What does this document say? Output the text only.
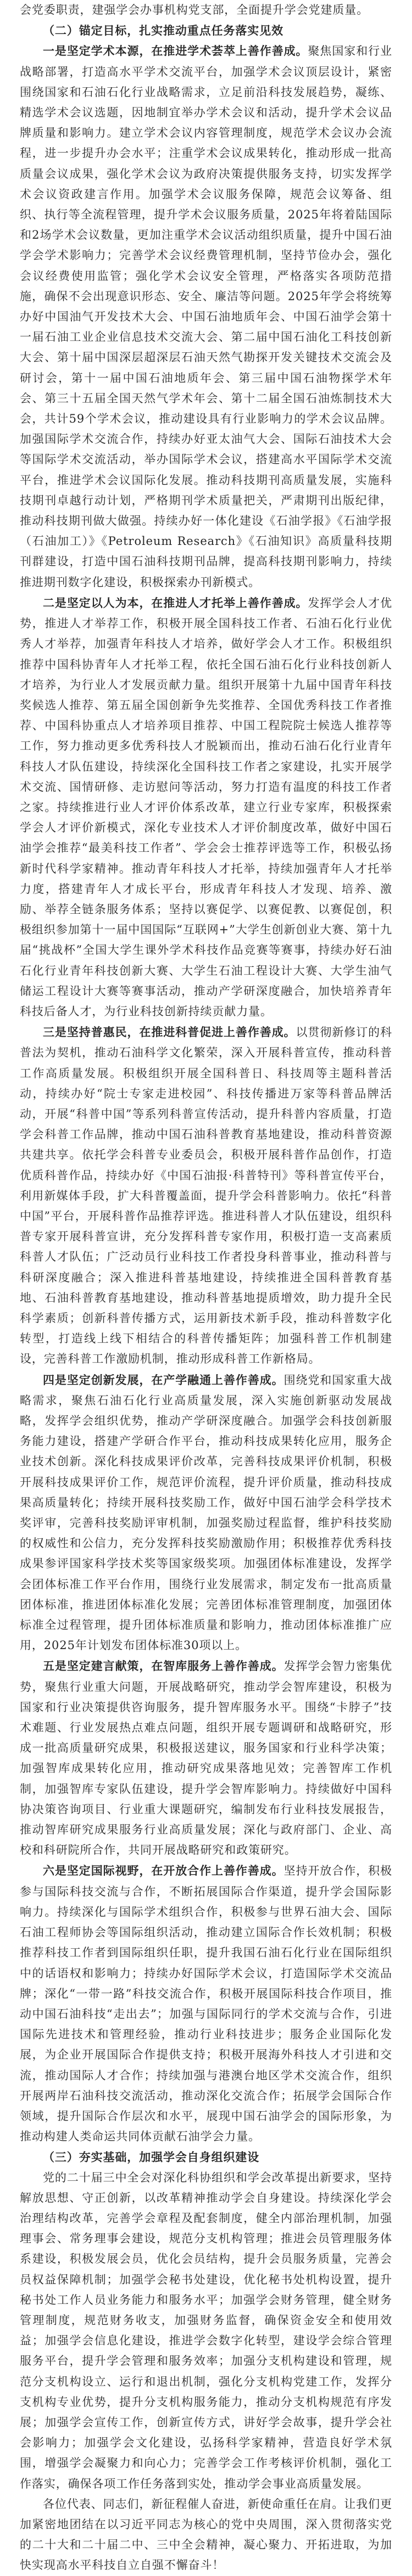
会党委职责，建强学会办事机构党支部，全面提升学会党建质量。

（二）锚定目标，扎实推动重点任务落实见效

一是坚定学术本源，在推进学术荟萃上善作善成。聚焦国家和行业战略部署，打造高水平学术交流平台，加强学术会议顶层设计，紧密围绕国家和石油石化行业战略需求，立足前沿科技发展趋势，凝练、精选学术会议选题，因地制宜举办学术会议和活动，提升学术会议品牌质量和影响力。建立学术会议内容管理制度，规范学术会议办会流程，进一步提升办会水平；注重学术会议成果转化，推动形成一批高质量会议成果，强化学术会议为政府决策提供服务支持，切实发挥学术会议资政建言作用。加强学术会议服务保障，规范会议筹备、组织、执行等全流程管理，提升学术会议服务质量，2025年将着陆国际和2场学术会议数量，更加注重学术会议活动组织质量，提升中国石油学会学术影响力；完善学术会议经费管理机制，坚持节俭办会，强化会议经费使用监管；强化学术会议安全管理，严格落实各项防范措施，确保不会出现意识形态、安全、廉洁等问题。2025年学会将统筹办好中国油气开发技术大会、中国石油地质年会、中国石油学会第十一届石油工业企业信息技术交流大会、第二届中国石油化工科技创新大会、第十届中国深层超深层石油天然气勘探开发关键技术交流会及研讨会，第十一届中国石油地质年会、第三届中国石油物探学术年会、第三十五届全国天然气学术年会、第十二届全国石油炼制技术大会，共计59个学术会议，推动建设具有行业影响力的学术会议品牌。加强国际学术交流合作，持续办好亚太油气大会、国际石油技术大会等国际学术交流活动，举办国际学术会议，搭建高水平国际学术交流平台，推进学术会议国际化发展。推动科技期刊高质量发展，实施科技期刊卓越行动计划，严格期刊学术质量把关，严肃期刊出版纪律，推动科技期刊做大做强。持续办好一体化建设《石油学报》《石油学报（石油加工）》《Petroleum Research》《石油知识》高质量科技期刊群建设，打造中国石油科技期刊品牌，提高科技期刊影响力，持续推进期刊数字化建设，积极探索办刊新模式。

二是坚定以人为本，在推进人才托举上善作善成。发挥学会人才优势，推进人才举荐工作，积极开展全国科技工作者、石油石化行业优秀人才举荐，加强青年科技人才培养，做好学会人才工作。积极组织推荐中国科协青年人才托举工程，依托全国石油石化行业科技创新人才培养，为行业人才发展贡献力量。组织开展第十九届中国青年科技奖候选人推荐、第五届全国创新争先奖推荐、全国优秀科技工作者推荐、中国科协重点人才培养项目推荐、中国工程院院士候选人推荐等工作，努力推动更多优秀科技人才脱颖而出，推动石油石化行业青年科技人才队伍建设，持续深化全国科技工作者之家建设，扎实开展学术交流、国情研修、走访慰问等活动，努力打造有温度的科技工作者之家。持续推进行业人才评价体系改革，建立行业专家库，积极探索学会人才评价新模式，深化专业技术人才评价制度改革，做好中国石油学会推荐“最美科技工作者”、学会会士推荐评选等工作，积极弘扬新时代科学家精神。推动青年科技人才托举，持续加强青年人才托举力度，搭建青年人才成长平台，形成青年科技人才发现、培养、激励、举荐全链条服务体系；坚持以赛促学、以赛促教、以赛促创，积极组织参加第十一届中国国际“互联网+”大学生创新创业大赛、第十九届“挑战杯”全国大学生课外学术科技作品竞赛等赛事，持续办好石油石化行业青年科技创新大赛、大学生石油工程设计大赛、大学生油气储运工程设计大赛等赛事活动，推动产学研深度融合，加快培养青年科技后备人才，为行业科技创新持续贡献力量。

三是坚持普惠民，在推进科普促进上善作善成。以贯彻新修订的科普法为契机，推动石油科学文化繁荣，深入开展科普宣传，推动科普工作高质量发展。积极组织开展全国科普日、科技周等主题科普活动，持续办好“院士专家走进校园”、科技传播进万家等科普品牌活动，开展“科普中国”等系列科普宣传活动，提升科普内容质量，打造学会科普工作品牌，推动中国石油科普教育基地建设，推动科普资源共建共享。依托学会科普专业委员会，积极开展科普作品创作，打造优质科普作品，持续办好《中国石油报·科普特刊》等科普宣传平台，利用新媒体手段，扩大科普覆盖面，提升学会科普影响力。依托“科普中国”平台，开展科普作品推荐评选。推进科普人才队伍建设，组织科普专家开展科普宣讲，充分发挥科普专家作用，积极打造一支高素质科普人才队伍；广泛动员行业科技工作者投身科普事业，推动科普与科研深度融合；深入推进科普基地建设，持续推进全国科普教育基地、石油科普教育基地建设，推动科普基地提质增效，助力提升全民科学素质；创新科普传播方式，运用新技术新手段，推动科普数字化转型，打造线上线下相结合的科普传播矩阵；加强科普工作机制建设，完善科普工作激励机制，推动形成科普工作新格局。

四是坚定创新发展，在产学融通上善作善成。围绕党和国家重大战略需求，聚焦石油石化行业高质量发展，深入实施创新驱动发展战略，发挥学会组织优势，推动产学研深度融合。加强学会科技创新服务能力建设，搭建产学研合作平台，推动科技成果转化应用，服务企业技术创新。深化科技成果评价改革，完善科技成果评价机制，积极开展科技成果评价工作，规范评价流程，提升评价质量，推动科技成果高质量转化；持续开展科技奖励工作，做好中国石油学会科学技术奖评审，完善科技奖励评审机制，加强奖励过程监督，维护科技奖励的权威性和公信力，充分发挥科技奖励激励作用；积极推荐优秀科技成果参评国家科学技术奖等国家级奖项。加强团体标准建设，发挥学会团体标准工作平台作用，围绕行业发展需求，制定发布一批高质量团体标准，推进团体标准化发展；完善团体标准管理制度，加强团体标准全过程管理，提升团体标准质量和影响力，推动团体标准推广应用，2025年计划发布团体标准30项以上。

五是坚定建言献策，在智库服务上善作善成。发挥学会智力密集优势，聚焦行业重大问题，开展战略研究，推动学会智库建设，积极为国家和行业决策提供咨询服务，提升智库服务水平。围绕“卡脖子”技术难题、行业发展热点难点问题，组织开展专题调研和战略研究，形成一批高质量研究成果，积极报送建议，服务国家和行业科学决策；加强智库成果转化应用，推动研究成果落地见效；完善智库工作机制，加强智库专家队伍建设，提升学会智库影响力。持续做好中国科协决策咨询项目、行业重大课题研究，编制发布行业科技发展报告，推动智库研究成果服务行业高质量发展；深化与政府部门、企业、高校和科研院所合作，共同开展战略研究和政策研究。

六是坚定国际视野，在开放合作上善作善成。坚持开放合作，积极参与国际科技交流与合作，不断拓展国际合作渠道，提升学会国际影响力。持续深化与国际学术组织合作，积极参与世界石油大会、国际石油工程师协会等国际组织活动，推动建立国际合作长效机制；积极推荐科技工作者到国际组织任职，提升我国石油石化行业在国际组织中的话语权和影响力；持续办好国际学术会议，打造国际学术交流品牌；深化“一带一路”科技交流合作，积极开展国际科技合作项目，推动中国石油科技“走出去”；加强与国际同行的学术交流与合作，引进国际先进技术和管理经验，推动行业科技进步；服务企业国际化发展，为企业开展国际合作提供支持；积极开展海外科技人才引进和交流，推动国际人才合作；持续加强与港澳台地区学术交流合作，组织开展两岸石油科技交流活动，推动深化交流合作；拓展学会国际合作领域，提升国际合作层次和水平，展现中国石油学会的国际形象，为推动构建人类命运共同体贡献石油学会力量。

（三）夯实基础，加强学会自身组织建设

党的二十届三中全会对深化科协组织和学会改革提出新要求，坚持解放思想、守正创新，以改革精神推动学会自身建设。持续深化学会治理结构改革，完善学会章程及配套制度，健全内部治理机制，加强理事会、常务理事会建设，规范分支机构管理；推进会员管理服务体系建设，积极发展会员，优化会员结构，提升会员服务质量，完善会员权益保障机制；加强学会秘书处建设，优化秘书处机构设置，提升秘书处工作人员业务能力和服务水平；加强学会财务管理，健全财务管理制度，规范财务收支，加强财务监督，确保资金安全和使用效益；加强学会信息化建设，推进学会数字化转型，建设学会综合管理服务平台，提升学会管理和服务效率；加强分支机构建设和管理，规范分支机构设立、运行和退出机制，强化分支机构党建工作，发挥分支机构专业优势，提升分支机构服务能力，推动分支机构规范有序发展；加强学会宣传工作，创新宣传方式，讲好学会故事，提升学会社会影响力；加强学会文化建设，弘扬科学家精神，营造良好学术氛围，增强学会凝聚力和向心力；完善学会工作考核评价机制，强化工作落实，确保各项工作任务落到实处，推动学会事业高质量发展。

各位代表、同志们，新征程催人奋进，新使命重任在肩。让我们更加紧密地团结在以习近平同志为核心的党中央周围，深入贯彻落实党的二十大和二十届二中、三中全会精神，凝心聚力、开拓进取，为加快实现高水平科技自立自强不懈奋斗！
